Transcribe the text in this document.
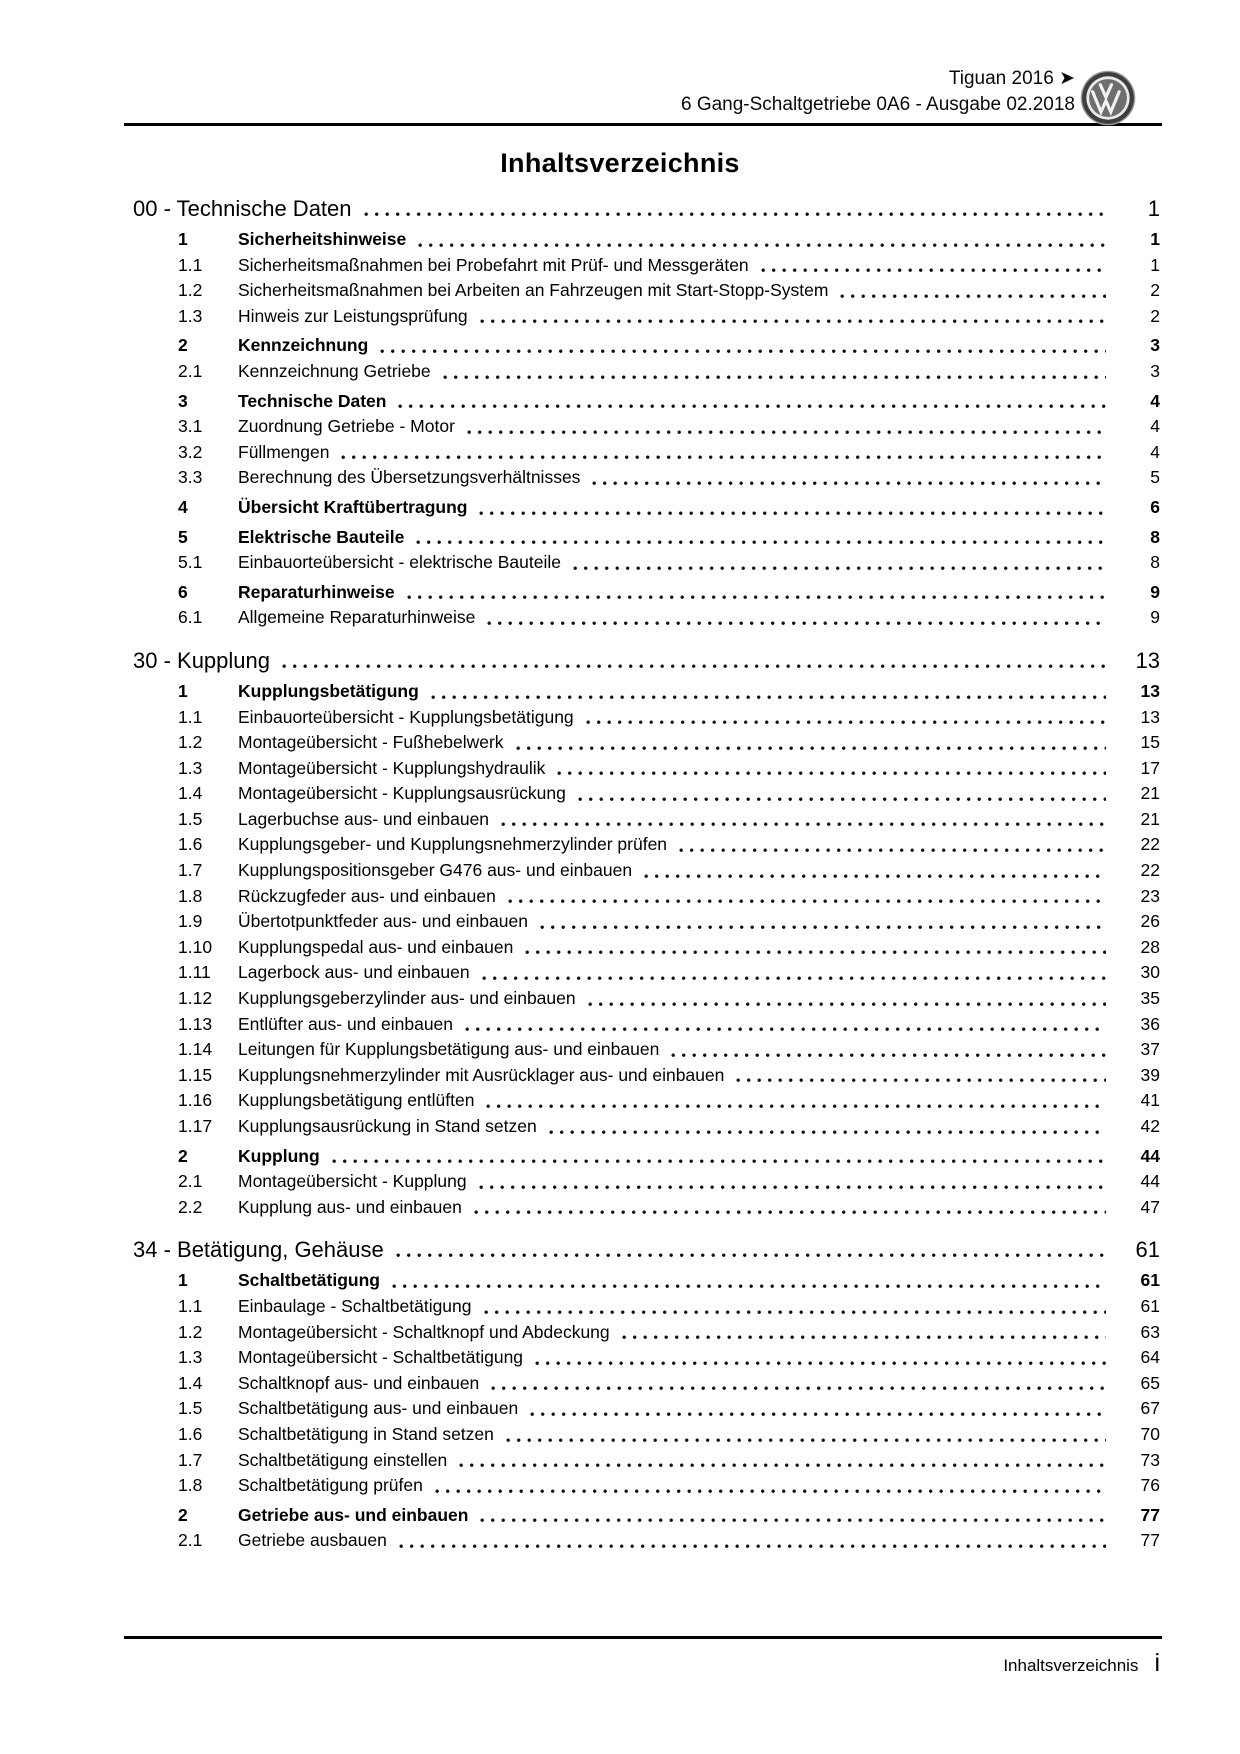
Tiguan 2016 ➤
6 Gang-Schaltgetriebe 0A6 - Ausgabe 02.2018
Inhaltsverzeichnis
00 - Technische Daten	1
1	Sicherheitshinweise	1
1.1	Sicherheitsmaßnahmen bei Probefahrt mit Prüf- und Messgeräten	1
1.2	Sicherheitsmaßnahmen bei Arbeiten an Fahrzeugen mit Start-Stopp-System	2
1.3	Hinweis zur Leistungsprüfung	2
2	Kennzeichnung	3
2.1	Kennzeichnung Getriebe	3
3	Technische Daten	4
3.1	Zuordnung Getriebe - Motor	4
3.2	Füllmengen	4
3.3	Berechnung des Übersetzungsverhältnisses	5
4	Übersicht Kraftübertragung	6
5	Elektrische Bauteile	8
5.1	Einbauorteübersicht - elektrische Bauteile	8
6	Reparaturhinweise	9
6.1	Allgemeine Reparaturhinweise	9
30 - Kupplung	13
1	Kupplungsbetätigung	13
1.1	Einbauorteübersicht - Kupplungsbetätigung	13
1.2	Montageübersicht - Fußhebelwerk	15
1.3	Montageübersicht - Kupplungshydraulik	17
1.4	Montageübersicht - Kupplungsausrückung	21
1.5	Lagerbuchse aus- und einbauen	21
1.6	Kupplungsgeber- und Kupplungsnehmerzylinder prüfen	22
1.7	Kupplungspositionsgeber G476 aus- und einbauen	22
1.8	Rückzugfeder aus- und einbauen	23
1.9	Übertotpunktfeder aus- und einbauen	26
1.10	Kupplungspedal aus- und einbauen	28
1.11	Lagerbock aus- und einbauen	30
1.12	Kupplungsgeberzylinder aus- und einbauen	35
1.13	Entlüfter aus- und einbauen	36
1.14	Leitungen für Kupplungsbetätigung aus- und einbauen	37
1.15	Kupplungsnehmerzylinder mit Ausrücklager aus- und einbauen	39
1.16	Kupplungsbetätigung entlüften	41
1.17	Kupplungsausrückung in Stand setzen	42
2	Kupplung	44
2.1	Montageübersicht - Kupplung	44
2.2	Kupplung aus- und einbauen	47
34 - Betätigung, Gehäuse	61
1	Schaltbetätigung	61
1.1	Einbaulage - Schaltbetätigung	61
1.2	Montageübersicht - Schaltknopf und Abdeckung	63
1.3	Montageübersicht - Schaltbetätigung	64
1.4	Schaltknopf aus- und einbauen	65
1.5	Schaltbetätigung aus- und einbauen	67
1.6	Schaltbetätigung in Stand setzen	70
1.7	Schaltbetätigung einstellen	73
1.8	Schaltbetätigung prüfen	76
2	Getriebe aus- und einbauen	77
2.1	Getriebe ausbauen	77
Inhaltsverzeichnis i
